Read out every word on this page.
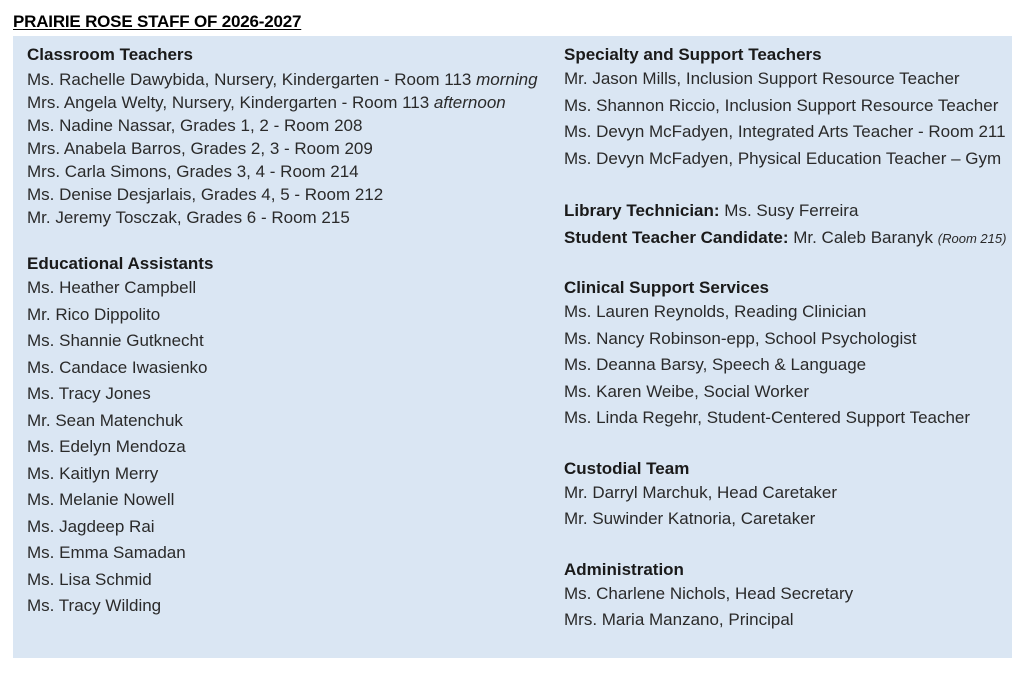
PRAIRIE ROSE STAFF OF 2026-2027
Classroom Teachers
Ms. Rachelle Dawybida, Nursery, Kindergarten - Room 113 morning
Mrs. Angela Welty, Nursery, Kindergarten - Room 113 afternoon
Ms. Nadine Nassar, Grades 1, 2 - Room 208
Mrs. Anabela Barros, Grades 2, 3 - Room 209
Mrs. Carla Simons, Grades 3, 4 - Room 214
Ms. Denise Desjarlais, Grades 4, 5 - Room 212
Mr. Jeremy Tosczak, Grades 6 - Room 215
Educational Assistants
Ms. Heather Campbell
Mr. Rico Dippolito
Ms. Shannie Gutknecht
Ms. Candace Iwasienko
Ms. Tracy Jones
Mr. Sean Matenchuk
Ms. Edelyn Mendoza
Ms. Kaitlyn Merry
Ms. Melanie Nowell
Ms. Jagdeep Rai
Ms. Emma Samadan
Ms. Lisa Schmid
Ms. Tracy Wilding
Specialty and Support Teachers
Mr. Jason Mills, Inclusion Support Resource Teacher
Ms. Shannon Riccio, Inclusion Support Resource Teacher
Ms. Devyn McFadyen, Integrated Arts Teacher - Room 211
Ms. Devyn McFadyen, Physical Education Teacher – Gym
Library Technician: Ms. Susy Ferreira
Student Teacher Candidate: Mr. Caleb Baranyk (Room 215)
Clinical Support Services
Ms. Lauren Reynolds, Reading Clinician
Ms. Nancy Robinson-epp, School Psychologist
Ms. Deanna Barsy, Speech & Language
Ms. Karen Weibe, Social Worker
Ms. Linda Regehr, Student-Centered Support Teacher
Custodial Team
Mr. Darryl Marchuk, Head Caretaker
Mr. Suwinder Katnoria, Caretaker
Administration
Ms. Charlene Nichols, Head Secretary
Mrs. Maria Manzano, Principal
